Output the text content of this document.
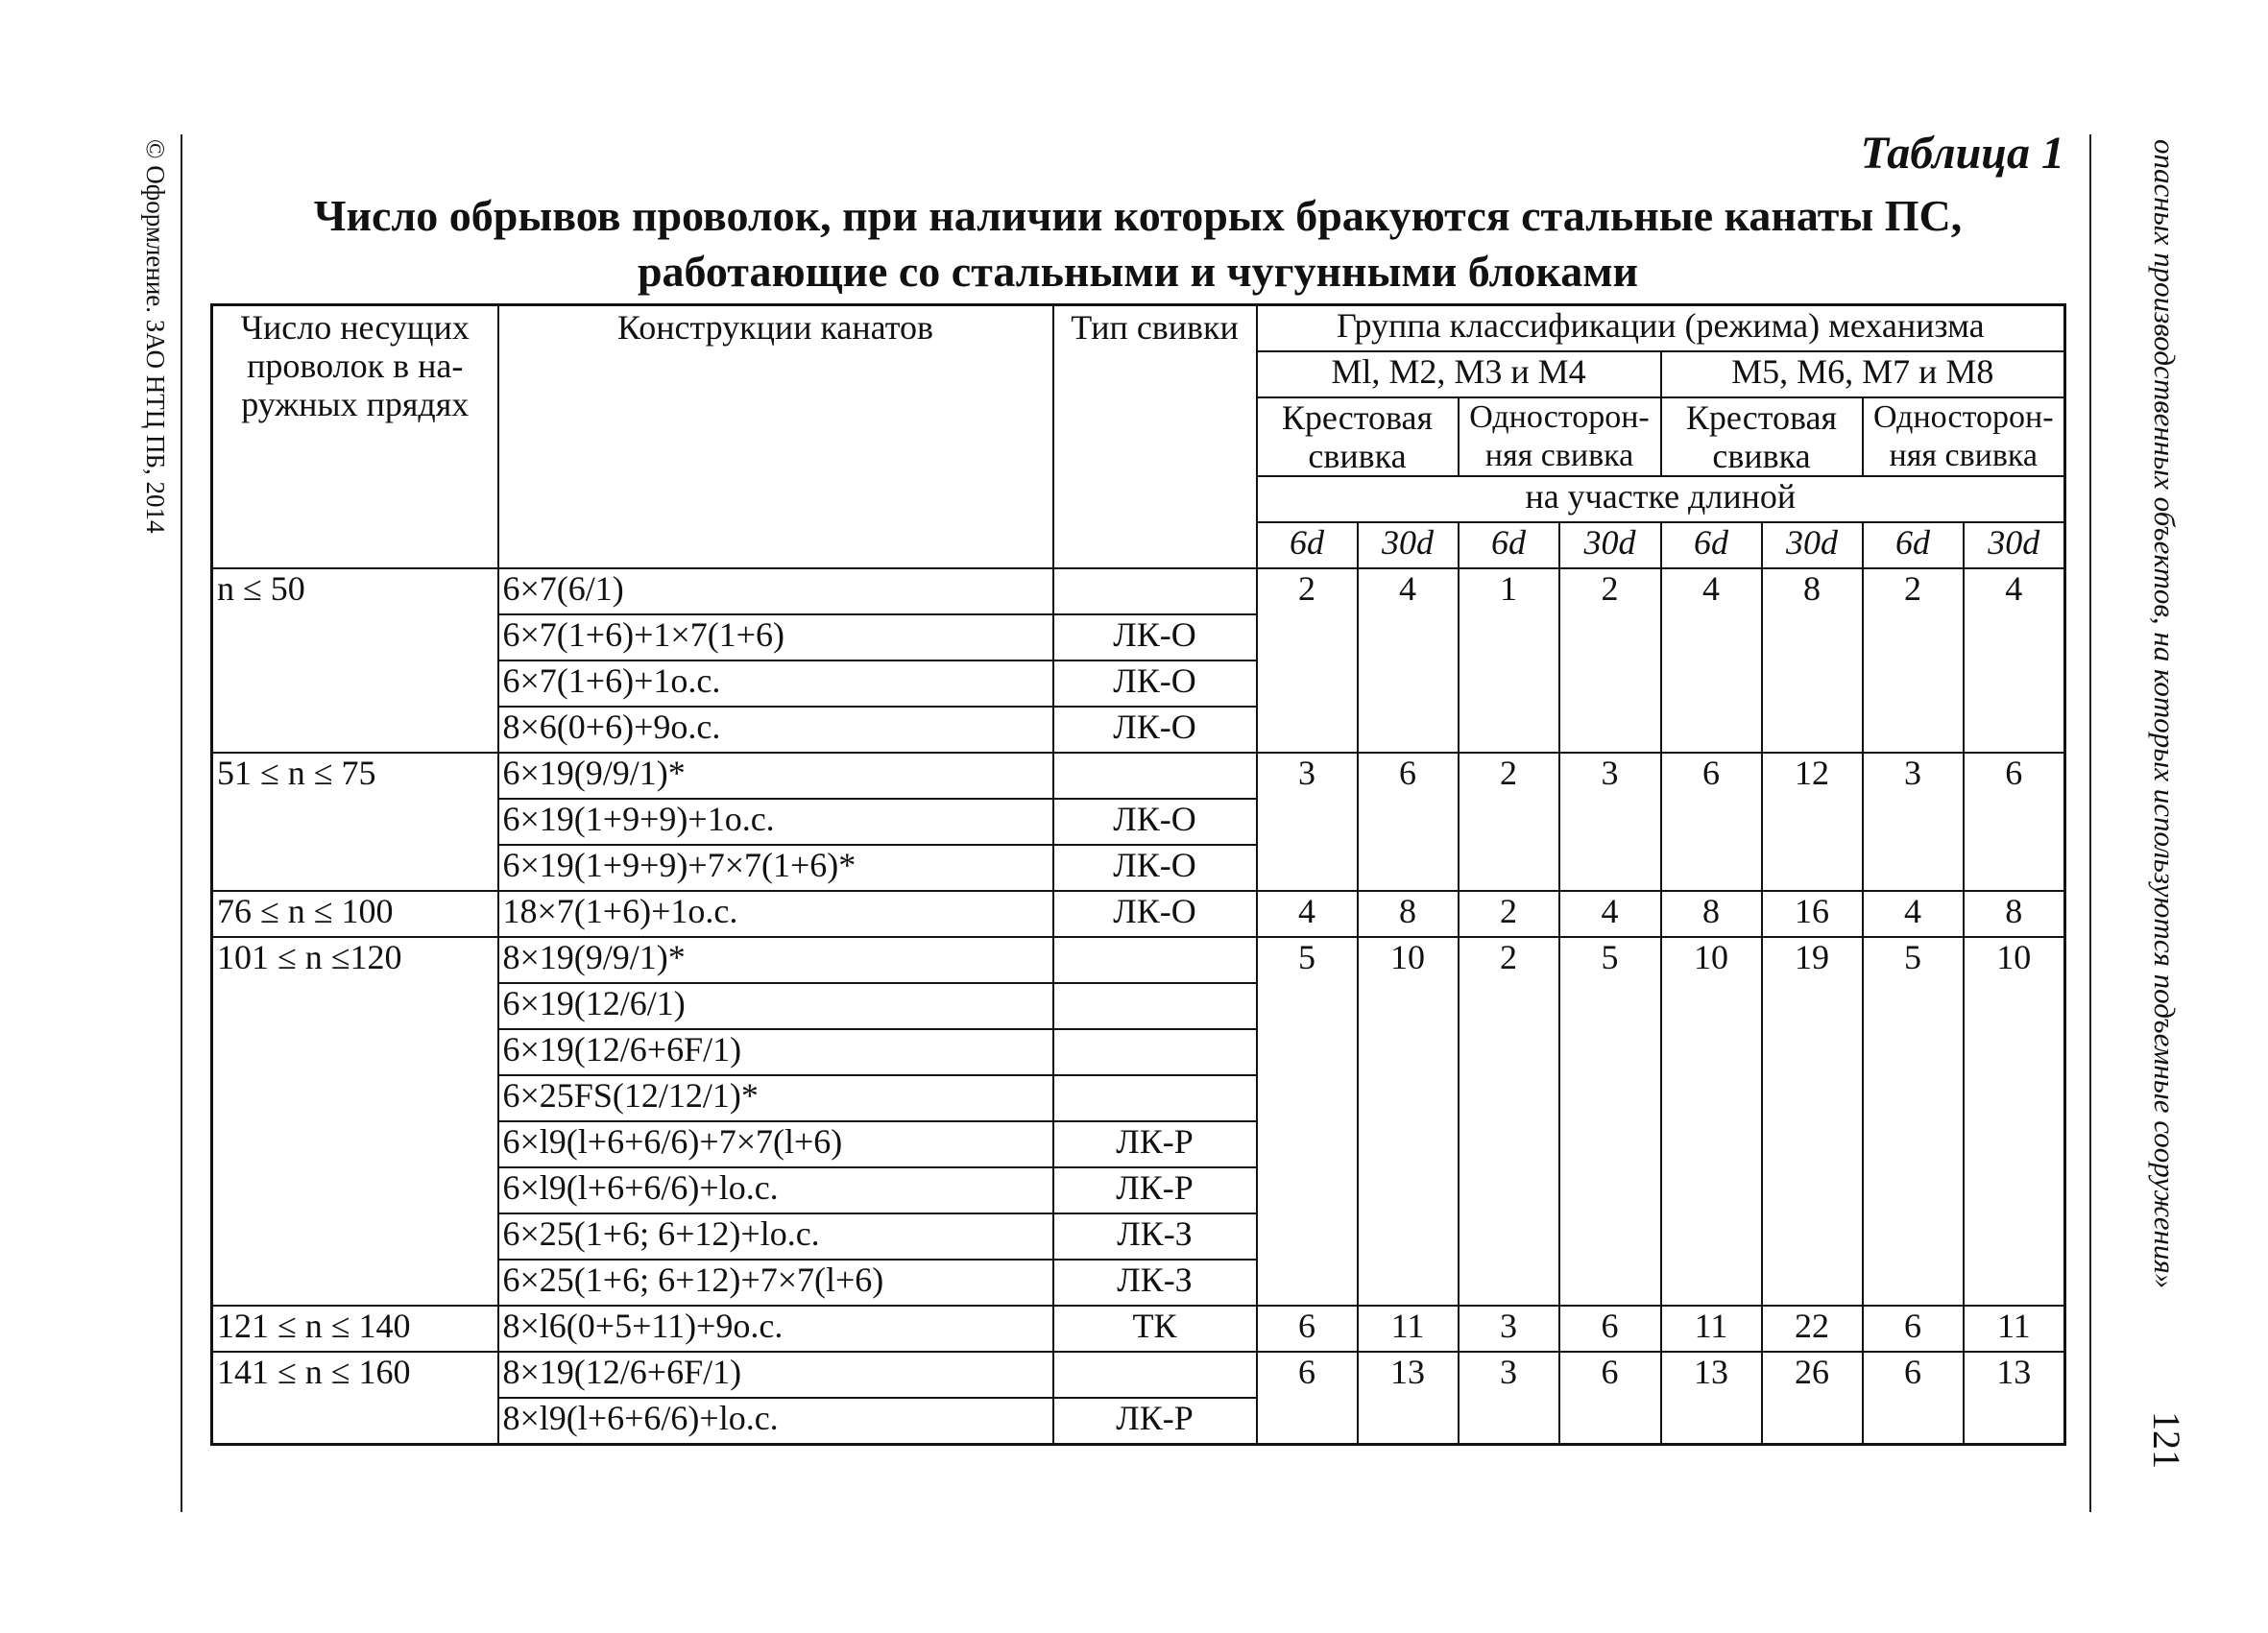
© Оформление. ЗАО НТЦ ПБ, 2014	опасных производственных объектов, на которых используются подъемные сооружения»
121
Таблица 1
Число обрывов проволок, при наличии которых бракуются стальные канаты ПС,
работающие со стальными и чугунными блоками
Число несущих проволок в на-ружных прядях	Конструкции канатов	Тип свивки	Группа классификации (режима) механизма							
			Ml, M2, M3 и M4				M5, M6, M7 и M8			
			Крестовая свивка		Односторон-няя свивка		Крестовая свивка		Односторон-няя свивка	
			на участке длиной							
			6d	30d	6d	30d	6d	30d	6d	30d
n ≤ 50	6×7(6/1)		2	4	1	2	4	8	2	4
	6×7(1+6)+1×7(1+6)	ЛК-О								
	6×7(1+6)+1о.с.	ЛК-О								
	8×6(0+6)+9о.с.	ЛК-О								
51 ≤ n ≤ 75	6×19(9/9/1)*		3	6	2	3	6	12	3	6
	6×19(1+9+9)+1о.с.	ЛК-О								
	6×19(1+9+9)+7×7(1+6)*	ЛК-О								
76 ≤ n ≤ 100	18×7(1+6)+1о.с.	ЛК-О	4	8	2	4	8	16	4	8
101 ≤ n ≤120	8×19(9/9/1)*		5	10	2	5	10	19	5	10
	6×19(12/6/1)									
	6×19(12/6+6F/1)									
	6×25FS(12/12/1)*									
	6×l9(l+6+6/6)+7×7(l+6)	ЛК-Р								
	6×l9(l+6+6/6)+lо.с.	ЛК-Р								
	6×25(1+6; 6+12)+lо.с.	ЛК-З								
	6×25(1+6; 6+12)+7×7(l+6)	ЛК-З								
121 ≤ n ≤ 140	8×l6(0+5+11)+9о.с.	ТК	6	11	3	6	11	22	6	11
141 ≤ n ≤ 160	8×19(12/6+6F/1)		6	13	3	6	13	26	6	13
	8×l9(l+6+6/6)+lо.с.	ЛК-Р								
